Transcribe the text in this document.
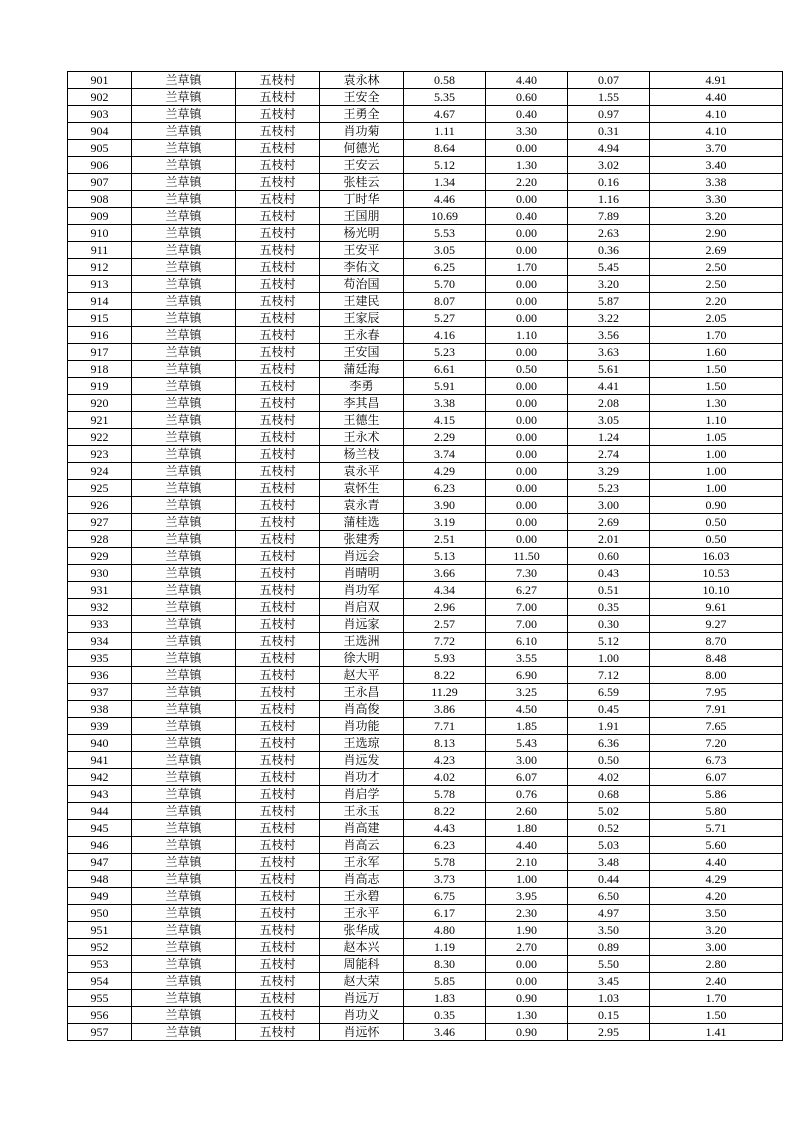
901	兰草镇	五枝村	袁永林	0.58	4.40	0.07	4.91
902	兰草镇	五枝村	王安全	5.35	0.60	1.55	4.40
903	兰草镇	五枝村	王勇全	4.67	0.40	0.97	4.10
904	兰草镇	五枝村	肖功菊	1.11	3.30	0.31	4.10
905	兰草镇	五枝村	何德光	8.64	0.00	4.94	3.70
906	兰草镇	五枝村	王安云	5.12	1.30	3.02	3.40
907	兰草镇	五枝村	张桂云	1.34	2.20	0.16	3.38
908	兰草镇	五枝村	丁时华	4.46	0.00	1.16	3.30
909	兰草镇	五枝村	王国朋	10.69	0.40	7.89	3.20
910	兰草镇	五枝村	杨光明	5.53	0.00	2.63	2.90
911	兰草镇	五枝村	王安平	3.05	0.00	0.36	2.69
912	兰草镇	五枝村	李佑文	6.25	1.70	5.45	2.50
913	兰草镇	五枝村	苟治国	5.70	0.00	3.20	2.50
914	兰草镇	五枝村	王建民	8.07	0.00	5.87	2.20
915	兰草镇	五枝村	王家辰	5.27	0.00	3.22	2.05
916	兰草镇	五枝村	王永春	4.16	1.10	3.56	1.70
917	兰草镇	五枝村	王安国	5.23	0.00	3.63	1.60
918	兰草镇	五枝村	蒲廷海	6.61	0.50	5.61	1.50
919	兰草镇	五枝村	李勇	5.91	0.00	4.41	1.50
920	兰草镇	五枝村	李其昌	3.38	0.00	2.08	1.30
921	兰草镇	五枝村	王德生	4.15	0.00	3.05	1.10
922	兰草镇	五枝村	王永术	2.29	0.00	1.24	1.05
923	兰草镇	五枝村	杨兰枝	3.74	0.00	2.74	1.00
924	兰草镇	五枝村	袁永平	4.29	0.00	3.29	1.00
925	兰草镇	五枝村	袁怀生	6.23	0.00	5.23	1.00
926	兰草镇	五枝村	袁永青	3.90	0.00	3.00	0.90
927	兰草镇	五枝村	蒲桂选	3.19	0.00	2.69	0.50
928	兰草镇	五枝村	张建秀	2.51	0.00	2.01	0.50
929	兰草镇	五枝村	肖远会	5.13	11.50	0.60	16.03
930	兰草镇	五枝村	肖晴明	3.66	7.30	0.43	10.53
931	兰草镇	五枝村	肖功军	4.34	6.27	0.51	10.10
932	兰草镇	五枝村	肖启双	2.96	7.00	0.35	9.61
933	兰草镇	五枝村	肖远家	2.57	7.00	0.30	9.27
934	兰草镇	五枝村	王选洲	7.72	6.10	5.12	8.70
935	兰草镇	五枝村	徐大明	5.93	3.55	1.00	8.48
936	兰草镇	五枝村	赵大平	8.22	6.90	7.12	8.00
937	兰草镇	五枝村	王永昌	11.29	3.25	6.59	7.95
938	兰草镇	五枝村	肖高俊	3.86	4.50	0.45	7.91
939	兰草镇	五枝村	肖功能	7.71	1.85	1.91	7.65
940	兰草镇	五枝村	王选琼	8.13	5.43	6.36	7.20
941	兰草镇	五枝村	肖远发	4.23	3.00	0.50	6.73
942	兰草镇	五枝村	肖功才	4.02	6.07	4.02	6.07
943	兰草镇	五枝村	肖启学	5.78	0.76	0.68	5.86
944	兰草镇	五枝村	王永玉	8.22	2.60	5.02	5.80
945	兰草镇	五枝村	肖高建	4.43	1.80	0.52	5.71
946	兰草镇	五枝村	肖高云	6.23	4.40	5.03	5.60
947	兰草镇	五枝村	王永军	5.78	2.10	3.48	4.40
948	兰草镇	五枝村	肖高志	3.73	1.00	0.44	4.29
949	兰草镇	五枝村	王永碧	6.75	3.95	6.50	4.20
950	兰草镇	五枝村	王永平	6.17	2.30	4.97	3.50
951	兰草镇	五枝村	张华成	4.80	1.90	3.50	3.20
952	兰草镇	五枝村	赵本兴	1.19	2.70	0.89	3.00
953	兰草镇	五枝村	周能科	8.30	0.00	5.50	2.80
954	兰草镇	五枝村	赵大荣	5.85	0.00	3.45	2.40
955	兰草镇	五枝村	肖远万	1.83	0.90	1.03	1.70
956	兰草镇	五枝村	肖功义	0.35	1.30	0.15	1.50
957	兰草镇	五枝村	肖远怀	3.46	0.90	2.95	1.41
